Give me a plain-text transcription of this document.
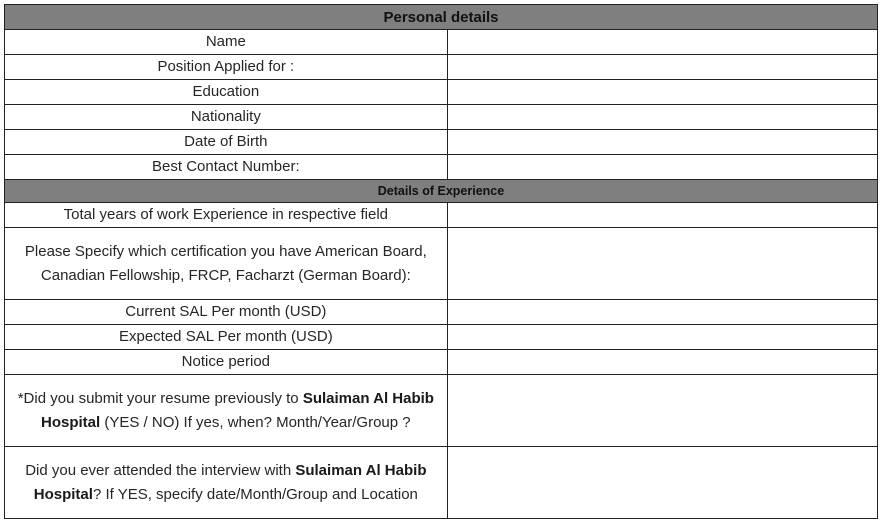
Personal details	
Name	
Position Applied for :	
Education	
Nationality	
Date of Birth	
Best Contact Number:	
Details of Experience	
Total years of work Experience in respective field	
Please Specify which certification you have American Board, Canadian Fellowship, FRCP, Facharzt (German Board):	
Current SAL Per month (USD)	
Expected SAL Per month (USD)	
Notice period	
*Did you submit your resume previously to Sulaiman Al Habib Hospital (YES / NO) If yes, when? Month/Year/Group ?	
Did you ever attended the interview with Sulaiman Al Habib Hospital? If YES, specify date/Month/Group and Location	
